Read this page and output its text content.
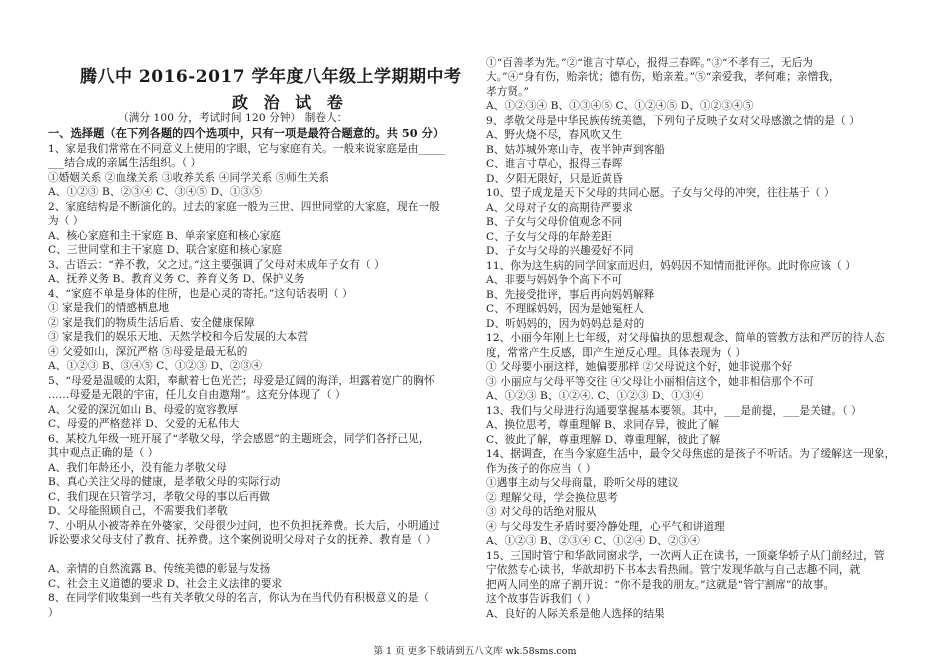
腾八中 2016-2017 学年度八年级上学期期中考
政 治 试 卷
（满分 100 分，考试时间 120 分钟） 制卷人：
一、选择题（在下列各题的四个选项中，只有一项是最符合题意的。共 50 分）
1、家是我们常常在不同意义上使用的字眼，它与家庭有关。一般来说家庭是由_____
___结合成的亲属生活组织。（ ）
①婚姻关系 ②血缘关系 ③收养关系 ④同学关系 ⑤师生关系
A、①②③ B、②③④ C、③④⑤ D、①③⑤
2、家庭结构是不断演化的。过去的家庭一般为三世、四世同堂的大家庭，现在一般
为（ ）
A、核心家庭和主干家庭 B、单亲家庭和核心家庭
C、三世同堂和主干家庭 D、联合家庭和核心家庭
3、古语云：“养不教，父之过。”这主要强调了父母对未成年子女有（ ）
A、抚养义务 B、教育义务 C、养育义务 D、保护义务
4、“家庭不单是身体的住所，也是心灵的寄托。”这句话表明（ ）
① 家是我们的情感栖息地
② 家是我们的物质生活后盾、安全健康保障
③ 家是我们的娱乐天地、天然学校和今后发展的大本营
④ 父爱如山，深沉严格 ⑤母爱是最无私的
A、①②③ B、③④⑤ C、①②③ D、②③④
5、“母爱是温暖的太阳，奉献着七色光芒；母爱是辽阔的海洋，坦露着宽广的胸怀
……母爱是无限的宇宙，任儿女自由遨翔”。这充分体现了（ ）
A、父爱的深沉如山 B、母爱的宽容教厚
C、母爱的严格慈祥 D、父爱的无私伟大
6、某校九年级一班开展了“孝敬父母，学会感恩”的主题班会，同学们各抒己见，
其中观点正确的是（ ）
A、我们年龄还小，没有能力孝敬父母
B、真心关注父母的健康，是孝敬父母的实际行动
C、我们现在只管学习，孝敬父母的事以后再做
D、父母能照顾自己，不需要我们孝敬
7、小明从小被寄养在外婆家，父母很少过问，也不负担抚养费。长大后，小明通过
诉讼要求父母支付了教育、抚养费。这个案例说明父母对子女的抚养、教育是（ ）
A、亲情的自然流露 B、传统美德的彰显与发扬
C、社会主义道德的要求 D、社会主义法律的要求
8、在同学们收集到一些有关孝敬父母的名言，你认为在当代仍有积极意义的是（
）
①“百善孝为先。”②“谁言寸草心，报得三春晖。”③“不孝有三，无后为
大。”④“身有伤，贻亲忧；德有伤，贻亲羞。”⑤“亲爱我，孝何难；亲憎我，
孝方贤。”
A、①②③④ B、①③④⑤ C、①②④⑤ D、①②③④⑤
9、孝敬父母是中华民族传统美德，下列句子反映子女对父母感激之情的是（ ）
A、野火烧不尽，春风吹又生
B、姑苏城外寒山寺，夜半钟声到客船
C、谁言寸草心，报得三春晖
D、夕阳无限好，只是近黄昏
10、望子成龙是天下父母的共同心愿。子女与父母的冲突，往往基于（ ）
A、父母对子女的高期待严要求
B、子女与父母价值观念不同
C、子女与父母的年龄差距
D、子女与父母的兴趣爱好不同
11、你为这生病的同学回家而迟归，妈妈因不知情而批评你。此时你应该（ ）
A、非要与妈妈争个高下不可
B、先接受批评，事后再向妈妈解释
C、不理睬妈妈，因为是她冤枉人
D、听妈妈的，因为妈妈总是对的
12、小丽今年刚上七年级，对父母偏执的思想观念、简单的管教方法和严厉的待人态
度，常常产生反感，即产生逆反心理。具体表现为（ ）
① 父母要小丽这样，她偏要那样 ②父母说这个好，她非说那个好
③ 小丽应与父母平等交往 ④父母让小丽相信这个，她非相信那个不可
A、①②③ B、①②④. C、①②③ D、①③④
13、我们与父母进行沟通要掌握基本要领。其中，___是前提，___是关键。（ ）
A、换位思考，尊重理解 B、求同存异，彼此了解
C、彼此了解，尊重理解 D、尊重理解，彼此了解
14、据调查，在当今家庭生活中，最令父母焦虑的是孩子不听话。为了缓解这一现象，
作为孩子的你应当（ ）
①遇事主动与父母商量，聆听父母的建议
② 理解父母，学会换位思考
③ 对父母的话绝对服从
④ 与父母发生矛盾时要冷静处理，心平气和讲道理
A、①②③ B、②③④ C、①②④ D、②③④
15、三国时管宁和华歆同窗求学，一次两人正在读书，一顶豪华轿子从门前经过，管
宁依然专心读书，华歆却扔下书本去看热闹。管宁发现华歆与自己志趣不同，就
把两人同坐的席子割开说：“你不是我的朋友。”这就是“管宁割席”的故事。
这个故事告诉我们（ ）
A、良好的人际关系是他人选择的结果
第 1 页 更多下载请到五八文库 wk.58sms.com
